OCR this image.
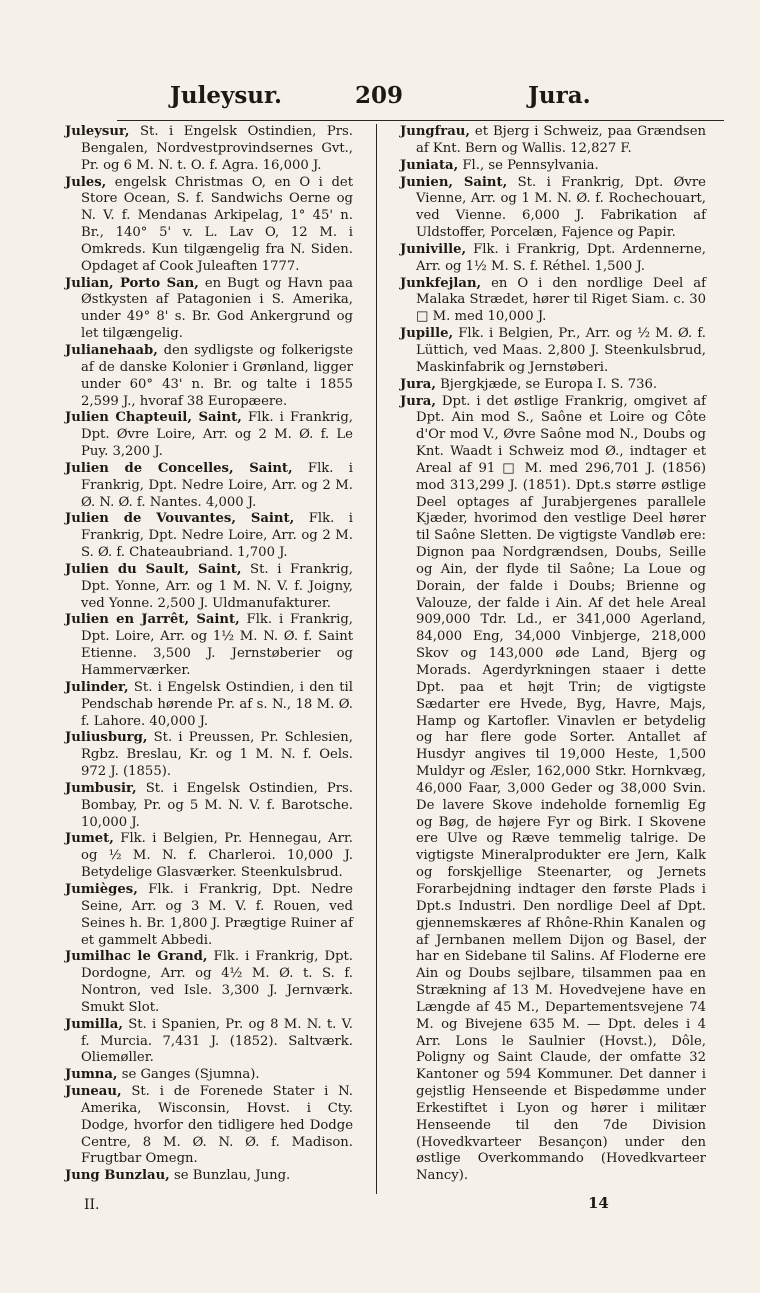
Juleysur.	209	Jura.

Juleysur, St. i Engelsk Ostindien, Prs. Bengalen, Nordvestprovindsernes Gvt., Pr. og 6 M. N. t. O. f. Agra. 16,000 J.

Jules, engelsk Christmas O, en O i det Store Ocean, S. f. Sandwichs Oerne og N. V. f. Mendanas Arkipelag, 1° 45' n. Br., 140° 5' v. L. Lav O, 12 M. i Omkreds. Kun tilgængelig fra N. Siden. Opdaget af Cook Juleaften 1777.

Julian, Porto San, en Bugt og Havn paa Østkysten af Patagonien i S. Amerika, under 49° 8' s. Br. God Ankergrund og let tilgængelig.

Julianehaab, den sydligste og folkerigste af de danske Kolonier i Grønland, ligger under 60° 43' n. Br. og talte i 1855 2,599 J., hvoraf 38 Europæere.

Julien Chapteuil, Saint, Flk. i Frankrig, Dpt. Øvre Loire, Arr. og 2 M. Ø. f. Le Puy. 3,200 J.

Julien de Concelles, Saint, Flk. i Frankrig, Dpt. Nedre Loire, Arr. og 2 M. Ø. N. Ø. f. Nantes. 4,000 J.

Julien de Vouvantes, Saint, Flk. i Frankrig, Dpt. Nedre Loire, Arr. og 2 M. S. Ø. f. Chateaubriand. 1,700 J.

Julien du Sault, Saint, St. i Frankrig, Dpt. Yonne, Arr. og 1 M. N. V. f. Joigny, ved Yonne. 2,500 J. Uldmanufakturer.

Julien en Jarrêt, Saint, Flk. i Frankrig, Dpt. Loire, Arr. og 1½ M. N. Ø. f. Saint Etienne. 3,500 J. Jernstøberier og Hammerværker.

Julinder, St. i Engelsk Ostindien, i den til Pendschab hørende Pr. af s. N., 18 M. Ø. f. Lahore. 40,000 J.

Juliusburg, St. i Preussen, Pr. Schlesien, Rgbz. Breslau, Kr. og 1 M. N. f. Oels. 972 J. (1855).

Jumbusir, St. i Engelsk Ostindien, Prs. Bombay, Pr. og 5 M. N. V. f. Barotsche. 10,000 J.

Jumet, Flk. i Belgien, Pr. Hennegau, Arr. og ½ M. N. f. Charleroi. 10,000 J. Betydelige Glasværker. Steenkulsbrud.

Jumièges, Flk. i Frankrig, Dpt. Nedre Seine, Arr. og 3 M. V. f. Rouen, ved Seines h. Br. 1,800 J. Prægtige Ruiner af et gammelt Abbedi.

Jumilhac le Grand, Flk. i Frankrig, Dpt. Dordogne, Arr. og 4½ M. Ø. t. S. f. Nontron, ved Isle. 3,300 J. Jernværk. Smukt Slot.

Jumilla, St. i Spanien, Pr. og 8 M. N. t. V. f. Murcia. 7,431 J. (1852). Saltværk. Oliemøller.

Jumna, se Ganges (Sjumna).

Juneau, St. i de Forenede Stater i N. Amerika, Wisconsin, Hovst. i Cty. Dodge, hvorfor den tidligere hed Dodge Centre, 8 M. Ø. N. Ø. f. Madison. Frugtbar Omegn.

Jung Bunzlau, se Bunzlau, Jung.

Jungfrau, et Bjerg i Schweiz, paa Grændsen af Knt. Bern og Wallis. 12,827 F.

Juniata, Fl., se Pennsylvania.

Junien, Saint, St. i Frankrig, Dpt. Øvre Vienne, Arr. og 1 M. N. Ø. f. Rochechouart, ved Vienne. 6,000 J. Fabrikation af Uldstoffer, Porcelæn, Fajence og Papir.

Juniville, Flk. i Frankrig, Dpt. Ardennerne, Arr. og 1½ M. S. f. Réthel. 1,500 J.

Junkfejlan, en O i den nordlige Deel af Malaka Strædet, hører til Riget Siam. c. 30 □ M. med 10,000 J.

Jupille, Flk. i Belgien, Pr., Arr. og ½ M. Ø. f. Lüttich, ved Maas. 2,800 J. Steenkulsbrud, Maskinfabrik og Jernstøberi.

Jura, Bjergkjæde, se Europa I. S. 736.

Jura, Dpt. i det østlige Frankrig, omgivet af Dpt. Ain mod S., Saône et Loire og Côte d'Or mod V., Øvre Saône mod N., Doubs og Knt. Waadt i Schweiz mod Ø., indtager et Areal af 91 □ M. med 296,701 J. (1856) mod 313,299 J. (1851). Dpt.s større østlige Deel optages af Jurabjergenes parallele Kjæder, hvorimod den vestlige Deel hører til Saône Sletten. De vigtigste Vandløb ere: Dignon paa Nordgrændsen, Doubs, Seille og Ain, der flyde til Saône; La Loue og Dorain, der falde i Doubs; Brienne og Valouze, der falde i Ain. Af det hele Areal 909,000 Tdr. Ld., er 341,000 Agerland, 84,000 Eng, 34,000 Vinbjerge, 218,000 Skov og 143,000 øde Land, Bjerg og Morads. Agerdyrkningen staaer i dette Dpt. paa et højt Trin; de vigtigste Sædarter ere Hvede, Byg, Havre, Majs, Hamp og Kartofler. Vinavlen er betydelig og har flere gode Sorter. Antallet af Husdyr angives til 19,000 Heste, 1,500 Muldyr og Æsler, 162,000 Stkr. Hornkvæg, 46,000 Faar, 3,000 Geder og 38,000 Svin. De lavere Skove indeholde fornemlig Eg og Bøg, de højere Fyr og Birk. I Skovene ere Ulve og Ræve temmelig talrige. De vigtigste Mineralprodukter ere Jern, Kalk og forskjellige Steenarter, og Jernets Forarbejdning indtager den første Plads i Dpt.s Industri. Den nordlige Deel af Dpt. gjennemskæres af Rhône-Rhin Kanalen og af Jernbanen mellem Dijon og Basel, der har en Sidebane til Salins. Af Floderne ere Ain og Doubs sejlbare, tilsammen paa en Strækning af 13 M. Hovedvejene have en Længde af 45 M., Departementsvejene 74 M. og Bivejene 635 M. — Dpt. deles i 4 Arr. Lons le Saulnier (Hovst.), Dôle, Poligny og Saint Claude, der omfatte 32 Kantoner og 594 Kommuner. Det danner i gejstlig Henseende et Bispedømme under Erkestiftet i Lyon og hører i militær Henseende til den 7de Division (Hovedkvarteer Besançon) under den østlige Overkommando (Hovedkvarteer Nancy).

II.	14
